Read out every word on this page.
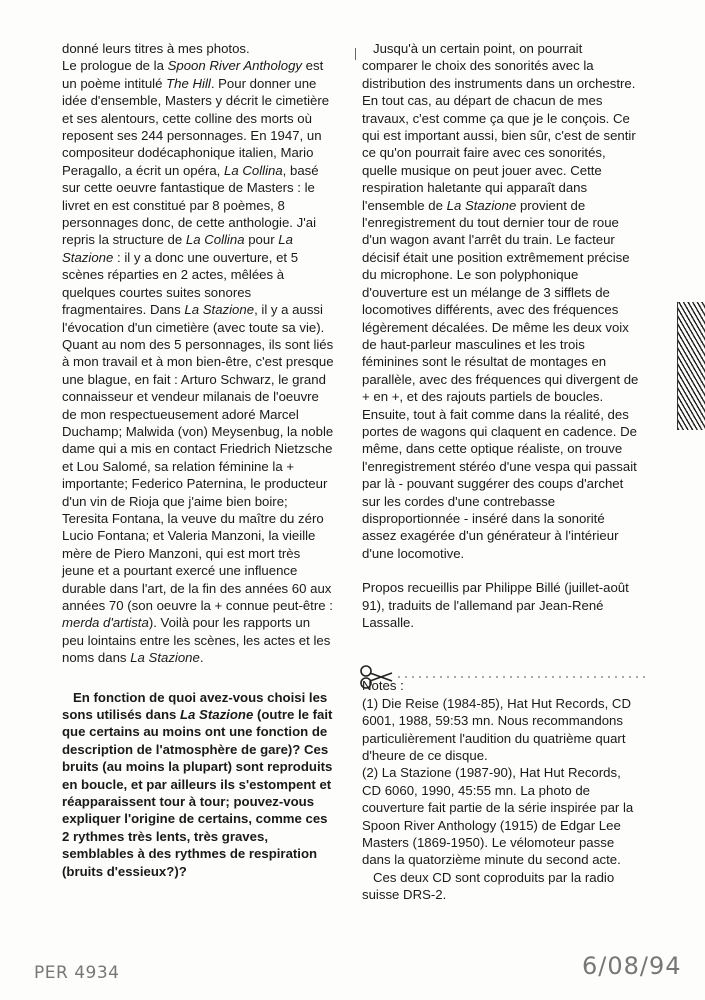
donné leurs titres à mes photos.

Le prologue de la Spoon River Anthology est un poème intitulé The Hill. Pour donner une idée d'ensemble, Masters y décrit le cimetière et ses alentours, cette colline des morts où reposent ses 244 personnages. En 1947, un compositeur dodécaphonique italien, Mario Peragallo, a écrit un opéra, La Collina, basé sur cette oeuvre fantastique de Masters : le livret en est constitué par 8 poèmes, 8 personnages donc, de cette anthologie. J'ai repris la structure de La Collina pour La Stazione : il y a donc une ouverture, et 5 scènes réparties en 2 actes, mêlées à quelques courtes suites sonores fragmentaires. Dans La Stazione, il y a aussi l'évocation d'un cimetière (avec toute sa vie).

Quant au nom des 5 personnages, ils sont liés à mon travail et à mon bien-être, c'est presque une blague, en fait : Arturo Schwarz, le grand connaisseur et vendeur milanais de l'oeuvre de mon respectueusement adoré Marcel Duchamp; Malwida (von) Meysenbug, la noble dame qui a mis en contact Friedrich Nietzsche et Lou Salomé, sa relation féminine la + importante; Federico Paternina, le producteur d'un vin de Rioja que j'aime bien boire; Teresita Fontana, la veuve du maître du zéro Lucio Fontana; et Valeria Manzoni, la vieille mère de Piero Manzoni, qui est mort très jeune et a pourtant exercé une influence durable dans l'art, de la fin des années 60 aux années 70 (son oeuvre la + connue peut-être : merda d'artista). Voilà pour les rapports un peu lointains entre les scènes, les actes et les noms dans La Stazione.

En fonction de quoi avez-vous choisi les sons utilisés dans La Stazione (outre le fait que certains au moins ont une fonction de description de l'atmosphère de gare)? Ces bruits (au moins la plupart) sont reproduits en boucle, et par ailleurs ils s'estompent et réapparaissent tour à tour; pouvez-vous expliquer l'origine de certains, comme ces 2 rythmes très lents, très graves, semblables à des rythmes de respiration (bruits d'essieux?)?

Jusqu'à un certain point, on pourrait comparer le choix des sonorités avec la distribution des instruments dans un orchestre. En tout cas, au départ de chacun de mes travaux, c'est comme ça que je le conçois. Ce qui est important aussi, bien sûr, c'est de sentir ce qu'on pourrait faire avec ces sonorités, quelle musique on peut jouer avec. Cette respiration haletante qui apparaît dans l'ensemble de La Stazione provient de l'enregistrement du tout dernier tour de roue d'un wagon avant l'arrêt du train. Le facteur décisif était une position extrêmement précise du microphone. Le son polyphonique d'ouverture est un mélange de 3 sifflets de locomotives différents, avec des fréquences légèrement décalées. De même les deux voix de haut-parleur masculines et les trois féminines sont le résultat de montages en parallèle, avec des fréquences qui divergent de + en +, et des rajouts partiels de boucles. Ensuite, tout à fait comme dans la réalité, des portes de wagons qui claquent en cadence. De même, dans cette optique réaliste, on trouve l'enregistrement stéréo d'une vespa qui passait par là - pouvant suggérer des coups d'archet sur les cordes d'une contrebasse disproportionnée - inséré dans la sonorité assez exagérée d'un générateur à l'intérieur d'une locomotive.

Propos recueillis par Philippe Billé (juillet-août 91), traduits de l'allemand par Jean-René Lassalle.

Notes :

(1) Die Reise (1984-85), Hat Hut Records, CD 6001, 1988, 59:53 mn. Nous recommandons particulièrement l'audition du quatrième quart d'heure de ce disque.

(2) La Stazione (1987-90), Hat Hut Records, CD 6060, 1990, 45:55 mn. La photo de couverture fait partie de la série inspirée par la Spoon River Anthology (1915) de Edgar Lee Masters (1869-1950). Le vélomoteur passe dans la quatorzième minute du second acte.

Ces deux CD sont coproduits par la radio suisse DRS-2.

PER 4934	6/08/94
